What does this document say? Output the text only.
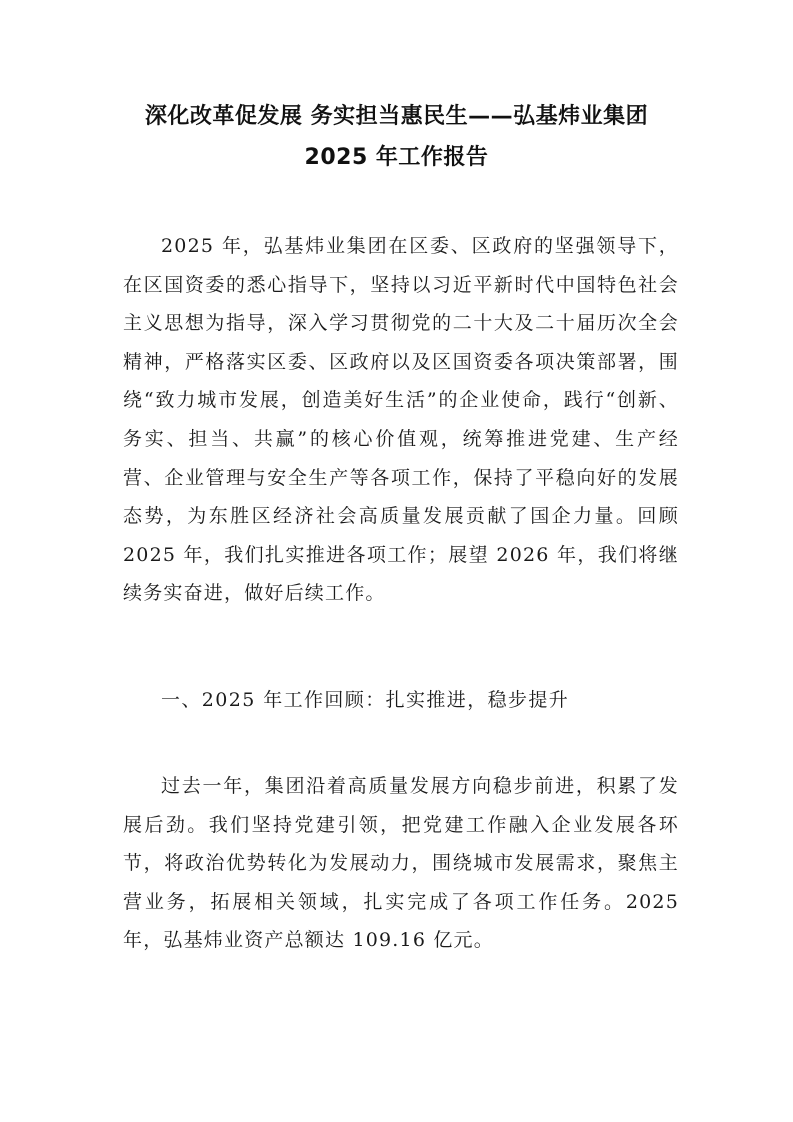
深化改革促发展 务实担当惠民生——弘基炜业集团
2025 年工作报告

2025 年，弘基炜业集团在区委、区政府的坚强领导下，在区国资委的悉心指导下，坚持以习近平新时代中国特色社会主义思想为指导，深入学习贯彻党的二十大及二十届历次全会精神，严格落实区委、区政府以及区国资委各项决策部署，围绕“致力城市发展，创造美好生活”的企业使命，践行“创新、务实、担当、共赢”的核心价值观，统筹推进党建、生产经营、企业管理与安全生产等各项工作，保持了平稳向好的发展态势，为东胜区经济社会高质量发展贡献了国企力量。回顾 2025 年，我们扎实推进各项工作；展望 2026 年，我们将继续务实奋进，做好后续工作。

一、2025 年工作回顾：扎实推进，稳步提升

过去一年，集团沿着高质量发展方向稳步前进，积累了发展后劲。我们坚持党建引领，把党建工作融入企业发展各环节，将政治优势转化为发展动力，围绕城市发展需求，聚焦主营业务，拓展相关领域，扎实完成了各项工作任务。2025 年，弘基炜业资产总额达 109.16 亿元。
